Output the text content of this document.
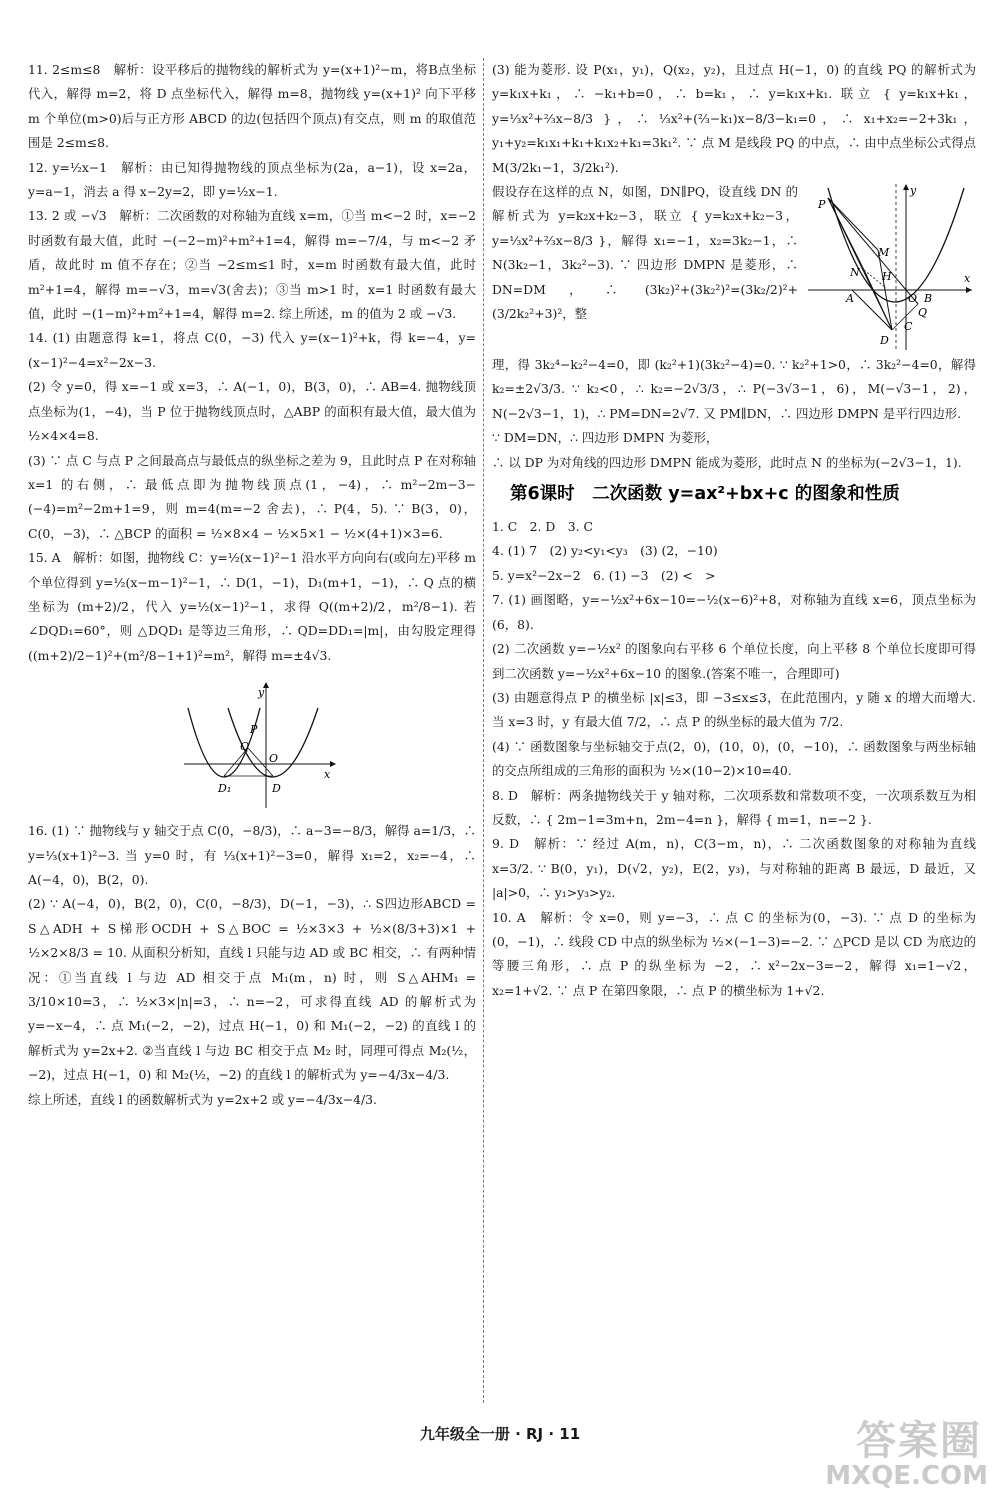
11. 2≤m≤8　解析：设平移后的抛物线的解析式为 y=(x+1)²−m，将B点坐标代入，解得 m=2，将 D 点坐标代入，解得 m=8，抛物线 y=(x+1)² 向下平移 m 个单位(m>0)后与正方形 ABCD 的边(包括四个顶点)有交点，则 m 的取值范围是 2≤m≤8.

12. y=½x−1　解析：由已知得抛物线的顶点坐标为(2a，a−1)，设 x=2a，y=a−1，消去 a 得 x−2y=2，即 y=½x−1.

13. 2 或 −√3　解析：二次函数的对称轴为直线 x=m，①当 m<−2 时，x=−2 时函数有最大值，此时 −(−2−m)²+m²+1=4，解得 m=−7/4，与 m<−2 矛盾，故此时 m 值不存在；②当 −2≤m≤1 时，x=m 时函数有最大值，此时 m²+1=4，解得 m=−√3，m=√3(舍去)；③当 m>1 时，x=1 时函数有最大值，此时 −(1−m)²+m²+1=4，解得 m=2. 综上所述，m 的值为 2 或 −√3.

14. (1) 由题意得 k=1，将点 C(0，−3) 代入 y=(x−1)²+k，得 k=−4，y=(x−1)²−4=x²−2x−3.

(2) 令 y=0，得 x=−1 或 x=3，∴ A(−1，0)，B(3，0)，∴ AB=4. 抛物线顶点坐标为(1，−4)，当 P 位于抛物线顶点时，△ABP 的面积有最大值，最大值为 ½×4×4=8.

(3) ∵ 点 C 与点 P 之间最高点与最低点的纵坐标之差为 9，且此时点 P 在对称轴 x=1 的右侧，∴ 最低点即为抛物线顶点(1，−4)，∴ m²−2m−3−(−4)=m²−2m+1=9，则 m=4(m=−2 舍去)，∴ P(4，5). ∵ B(3，0)，C(0，−3)，∴ △BCP 的面积 = ½×8×4 − ½×5×1 − ½×(4+1)×3=6.

15. A　解析：如图，抛物线 C：y=½(x−1)²−1 沿水平方向向右(或向左)平移 m 个单位得到 y=½(x−m−1)²−1，∴ D(1，−1)，D₁(m+1，−1)，∴ Q 点的横坐标为 (m+2)/2，代入 y=½(x−1)²−1，求得 Q((m+2)/2，m²/8−1). 若 ∠DQD₁=60°，则 △DQD₁ 是等边三角形，∴ QD=DD₁=|m|，由勾股定理得 ((m+2)/2−1)²+(m²/8−1+1)²=m²，解得 m=±4√3.

y
P
Q
O
x
D₁	D

16. (1) ∵ 抛物线与 y 轴交于点 C(0，−8/3)，∴ a−3=−8/3，解得 a=1/3，∴ y=⅓(x+1)²−3. 当 y=0 时，有 ⅓(x+1)²−3=0，解得 x₁=2，x₂=−4，∴ A(−4，0)，B(2，0).

(2) ∵ A(−4，0)，B(2，0)，C(0，−8/3)，D(−1，−3)，∴ S四边形ABCD = S△ADH + S梯形OCDH + S△BOC = ½×3×3 + ½×(8/3+3)×1 + ½×2×8/3 = 10. 从面积分析知，直线 l 只能与边 AD 或 BC 相交，∴ 有两种情况：①当直线 l 与边 AD 相交于点 M₁(m，n) 时，则 S△AHM₁ = 3/10×10=3，∴ ½×3×|n|=3，∴ n=−2，可求得直线 AD 的解析式为 y=−x−4，∴ 点 M₁(−2，−2)，过点 H(−1，0) 和 M₁(−2，−2) 的直线 l 的解析式为 y=2x+2. ②当直线 l 与边 BC 相交于点 M₂ 时，同理可得点 M₂(½，−2)，过点 H(−1，0) 和 M₂(½，−2) 的直线 l 的解析式为 y=−4/3x−4/3.

综上所述，直线 l 的函数解析式为 y=2x+2 或 y=−4/3x−4/3.

(3) 能为菱形. 设 P(x₁，y₁)，Q(x₂，y₂)，且过点 H(−1，0) 的直线 PQ 的解析式为 y=k₁x+k₁，∴ −k₁+b=0，∴ b=k₁，∴ y=k₁x+k₁. 联立 { y=k₁x+k₁，y=⅓x²+⅔x−8/3 }，∴ ⅓x²+(⅔−k₁)x−8/3−k₁=0，∴ x₁+x₂=−2+3k₁，y₁+y₂=k₁x₁+k₁+k₁x₂+k₁=3k₁². ∵ 点 M 是线段 PQ 的中点，∴ 由中点坐标公式得点 M(3/2k₁−1，3/2k₁²).

y
P
M
N H	x
A	O B
Q
C
D

假设存在这样的点 N，如图，DN∥PQ，设直线 DN 的解析式为 y=k₂x+k₂−3，联立 { y=k₂x+k₂−3，y=⅓x²+⅔x−8/3 }，解得 x₁=−1，x₂=3k₂−1，∴ N(3k₂−1，3k₂²−3). ∵ 四边形 DMPN 是菱形，∴ DN=DM，∴ (3k₂)²+(3k₂²)²=(3k₂/2)²+(3/2k₂²+3)²，整

理，得 3k₂⁴−k₂²−4=0，即 (k₂²+1)(3k₂²−4)=0. ∵ k₂²+1>0，∴ 3k₂²−4=0，解得 k₂=±2√3/3. ∵ k₂<0，∴ k₂=−2√3/3，∴ P(−3√3−1，6)，M(−√3−1，2)，N(−2√3−1，1)，∴ PM=DN=2√7. 又 PM∥DN，∴ 四边形 DMPN 是平行四边形.

∵ DM=DN，∴ 四边形 DMPN 为菱形，

∴ 以 DP 为对角线的四边形 DMPN 能成为菱形，此时点 N 的坐标为(−2√3−1，1).

第6课时　二次函数 y=ax²+bx+c 的图象和性质

1. C　2. D　3. C

4. (1) 7　(2) y₂<y₁<y₃　(3) (2，−10)

5. y=x²−2x−2　6. (1) −3　(2) <　>

7. (1) 画图略，y=−½x²+6x−10=−½(x−6)²+8，对称轴为直线 x=6，顶点坐标为(6，8).

(2) 二次函数 y=−½x² 的图象向右平移 6 个单位长度，向上平移 8 个单位长度即可得到二次函数 y=−½x²+6x−10 的图象.(答案不唯一，合理即可)

(3) 由题意得点 P 的横坐标 |x|≤3，即 −3≤x≤3，在此范围内，y 随 x 的增大而增大. 当 x=3 时，y 有最大值 7/2，∴ 点 P 的纵坐标的最大值为 7/2.

(4) ∵ 函数图象与坐标轴交于点(2，0)，(10，0)，(0，−10)，∴ 函数图象与两坐标轴的交点所组成的三角形的面积为 ½×(10−2)×10=40.

8. D　解析：两条抛物线关于 y 轴对称，二次项系数和常数项不变，一次项系数互为相反数，∴ { 2m−1=3m+n，2m−4=n }，解得 { m=1，n=−2 }.

9. D　解析：∵ 经过 A(m，n)，C(3−m，n)，∴ 二次函数图象的对称轴为直线 x=3/2. ∵ B(0，y₁)，D(√2，y₂)，E(2，y₃)，与对称轴的距离 B 最远，D 最近，又 |a|>0，∴ y₁>y₃>y₂.

10. A　解析：令 x=0，则 y=−3，∴ 点 C 的坐标为(0，−3). ∵ 点 D 的坐标为(0，−1)，∴ 线段 CD 中点的纵坐标为 ½×(−1−3)=−2. ∵ △PCD 是以 CD 为底边的等腰三角形，∴ 点 P 的纵坐标为 −2，∴ x²−2x−3=−2，解得 x₁=1−√2，x₂=1+√2. ∵ 点 P 在第四象限，∴ 点 P 的横坐标为 1+√2.

九年级全一册 · RJ · 11	答案圈
MXQE.COM
